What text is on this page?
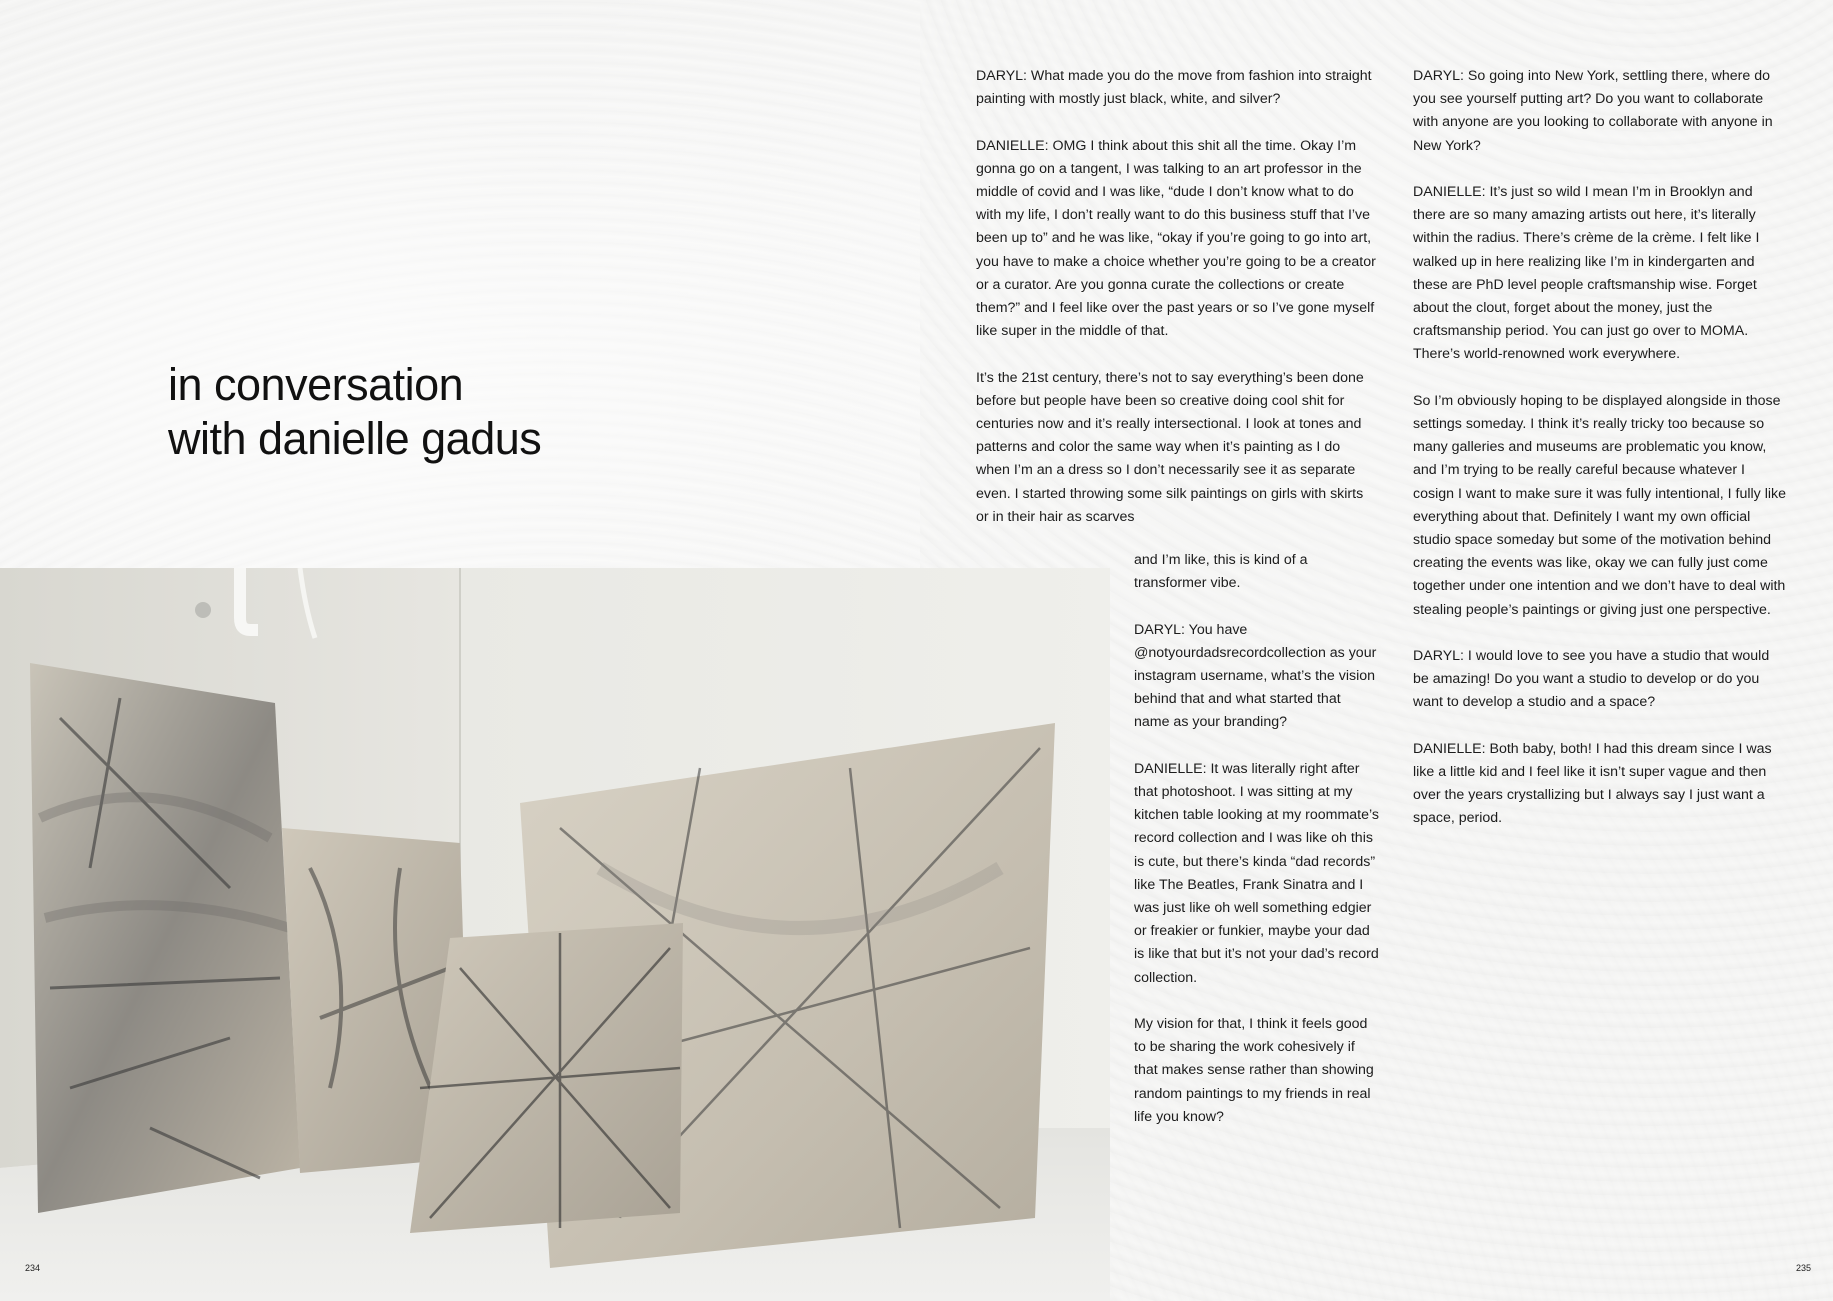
in conversation
with danielle gadus

DARYL: What made you do the move from fashion into straight painting with mostly just black, white, and silver?

DANIELLE: OMG I think about this shit all the time. Okay I’m gonna go on a tangent, I was talking to an art professor in the middle of covid and I was like, “dude I don’t know what to do with my life, I don’t really want to do this business stuff that I’ve been up to” and he was like, “okay if you’re going to go into art, you have to make a choice whether you’re going to be a creator or a curator. Are you gonna curate the collections or create them?” and I feel like over the past years or so I’ve gone myself like super in the middle of that.

It’s the 21st century, there’s not to say everything’s been done before but people have been so creative doing cool shit for centuries now and it’s really intersectional. I look at tones and patterns and color the same way when it’s painting as I do when I’m an a dress so I don’t necessarily see it as separate even. I started throwing some silk paintings on girls with skirts or in their hair as scarves

and I’m like, this is kind of a transformer vibe.

DARYL: You have @notyourdadsrecordcollection as your instagram username, what’s the vision behind that and what started that name as your branding?

DANIELLE: It was literally right after that photoshoot. I was sitting at my kitchen table looking at my roommate’s record collection and I was like oh this is cute, but there’s kinda “dad records” like The Beatles, Frank Sinatra and I was just like oh well something edgier or freakier or funkier, maybe your dad is like that but it’s not your dad’s record collection.

My vision for that, I think it feels good to be sharing the work cohesively if that makes sense rather than showing random paintings to my friends in real life you know?

DARYL: So going into New York, settling there, where do you see yourself putting art? Do you want to collaborate with anyone are you looking to collaborate with anyone in New York?

DANIELLE: It’s just so wild I mean I’m in Brooklyn and there are so many amazing artists out here, it’s literally within the radius. There’s crème de la crème. I felt like I walked up in here realizing like I’m in kindergarten and these are PhD level people craftsmanship wise. Forget about the clout, forget about the money, just the craftsmanship period. You can just go over to MOMA. There’s world-renowned work everywhere.

So I’m obviously hoping to be displayed alongside in those settings someday. I think it’s really tricky too because so many galleries and museums are problematic you know, and I’m trying to be really careful because whatever I cosign I want to make sure it was fully intentional, I fully like everything about that. Definitely I want my own official studio space someday but some of the motivation behind creating the events was like, okay we can fully just come together under one intention and we don’t have to deal with stealing people’s paintings or giving just one perspective.

DARYL: I would love to see you have a studio that would be amazing! Do you want a studio to develop or do you want to develop a studio and a space?

DANIELLE: Both baby, both! I had this dream since I was like a little kid and I feel like it isn’t super vague and then over the years crystallizing but I always say I just want a space, period.

234	235
